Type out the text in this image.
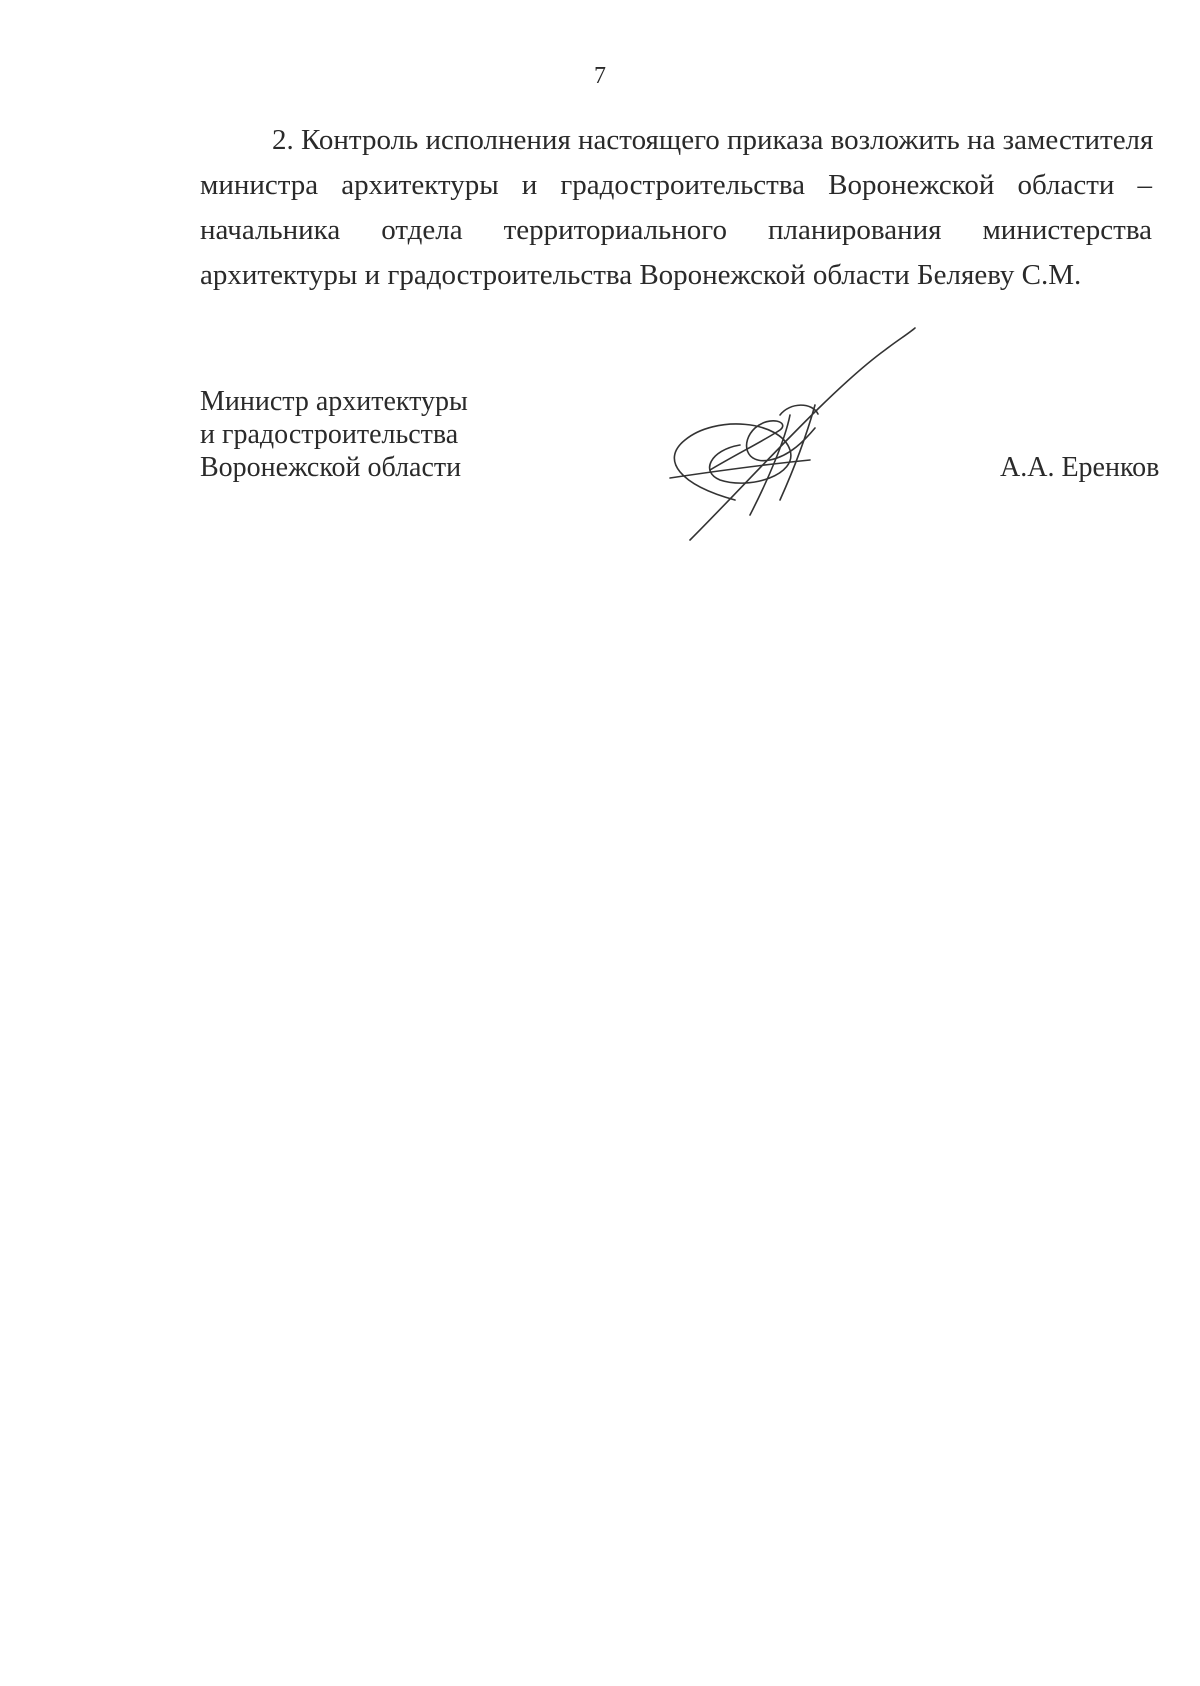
7
2. Контроль исполнения настоящего приказа возложить на заместителя
министра архитектуры и градостроительства Воронежской области –
начальника отдела территориального планирования министерства
архитектуры и градостроительства Воронежской области Беляеву С.М.
Министр архитектуры
и градостроительства
Воронежской области	А.А. Еренков
